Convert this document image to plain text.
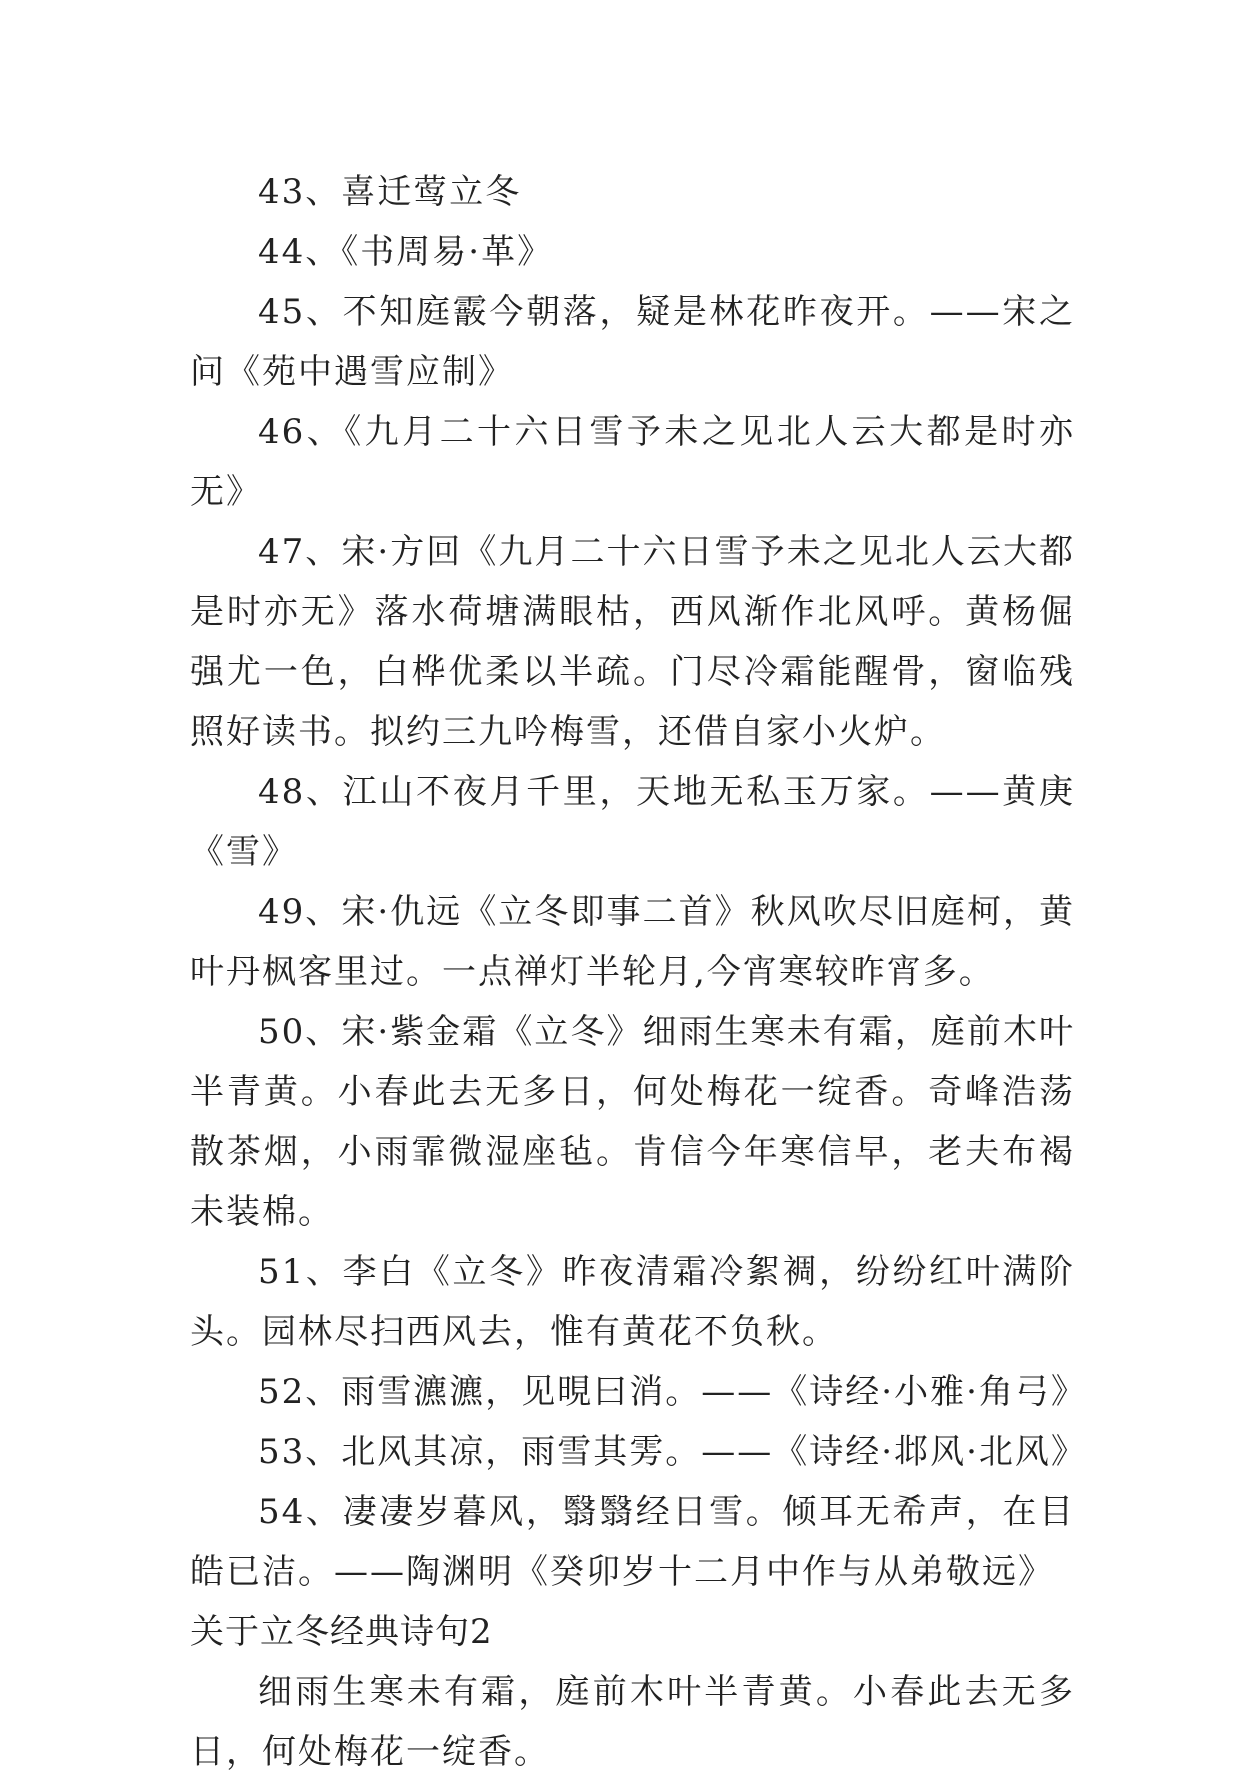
43、喜迁莺立冬

44、《书周易·革》

45、不知庭霰今朝落，疑是林花昨夜开。——宋之问《苑中遇雪应制》

46、《九月二十六日雪予未之见北人云大都是时亦无》

47、宋·方回《九月二十六日雪予未之见北人云大都是时亦无》落水荷塘满眼枯，西风渐作北风呼。黄杨倔强尤一色，白桦优柔以半疏。门尽冷霜能醒骨，窗临残照好读书。拟约三九吟梅雪，还借自家小火炉。

48、江山不夜月千里，天地无私玉万家。——黄庚《雪》

49、宋·仇远《立冬即事二首》秋风吹尽旧庭柯，黄叶丹枫客里过。一点禅灯半轮月,今宵寒较昨宵多。

50、宋·紫金霜《立冬》细雨生寒未有霜，庭前木叶半青黄。小春此去无多日，何处梅花一绽香。奇峰浩荡散茶烟，小雨霏微湿座毡。肯信今年寒信早，老夫布褐未装棉。

51、李白《立冬》昨夜清霜冷絮裯，纷纷红叶满阶头。园林尽扫西风去，惟有黄花不负秋。

52、雨雪瀌瀌，见晛曰消。——《诗经·小雅·角弓》

53、北风其凉，雨雪其雱。——《诗经·邶风·北风》

54、凄凄岁暮风，翳翳经日雪。倾耳无希声，在目皓已洁。——陶渊明《癸卯岁十二月中作与从弟敬远》

关于立冬经典诗句2

细雨生寒未有霜，庭前木叶半青黄。小春此去无多日，何处梅花一绽香。
